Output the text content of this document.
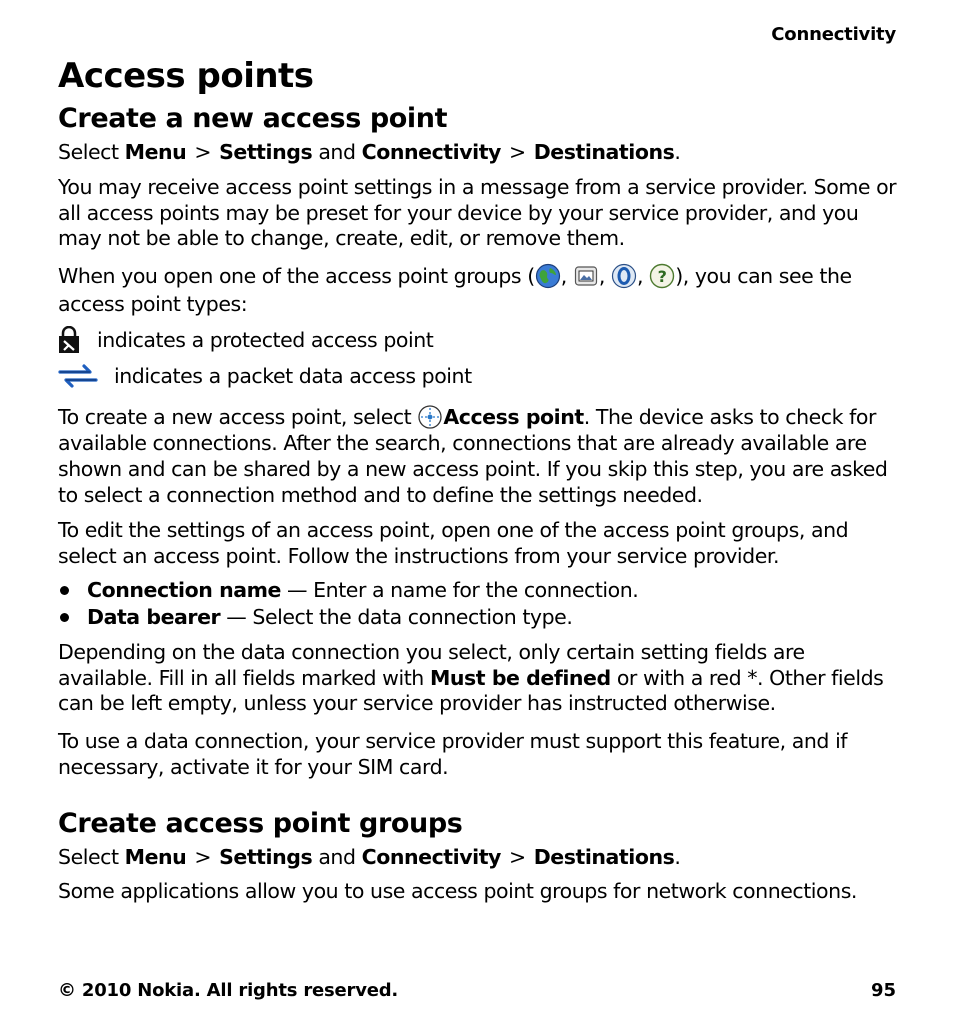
Connectivity
Access points
Create a new access point

Select Menu > Settings and Connectivity > Destinations.

You may receive access point settings in a message from a service provider. Some or all access points may be preset for your device by your service provider, and you may not be able to change, create, edit, or remove them.

When you open one of the access point groups ( ,
,
, ? ), you can see the access point types:

indicates a protected access point
indicates a packet data access point

To create a new access point, select Access point. The device asks to check for available connections. After the search, connections that are already available are shown and can be shared by a new access point. If you skip this step, you are asked to select a connection method and to define the settings needed.

To edit the settings of an access point, open one of the access point groups, and select an access point. Follow the instructions from your service provider.

Connection name — Enter a name for the connection.
Data bearer — Select the data connection type.

Depending on the data connection you select, only certain setting fields are available. Fill in all fields marked with Must be defined or with a red *. Other fields can be left empty, unless your service provider has instructed otherwise.

To use a data connection, your service provider must support this feature, and if necessary, activate it for your SIM card.

Create access point groups

Select Menu > Settings and Connectivity > Destinations.

Some applications allow you to use access point groups for network connections.

© 2010 Nokia. All rights reserved.	95
